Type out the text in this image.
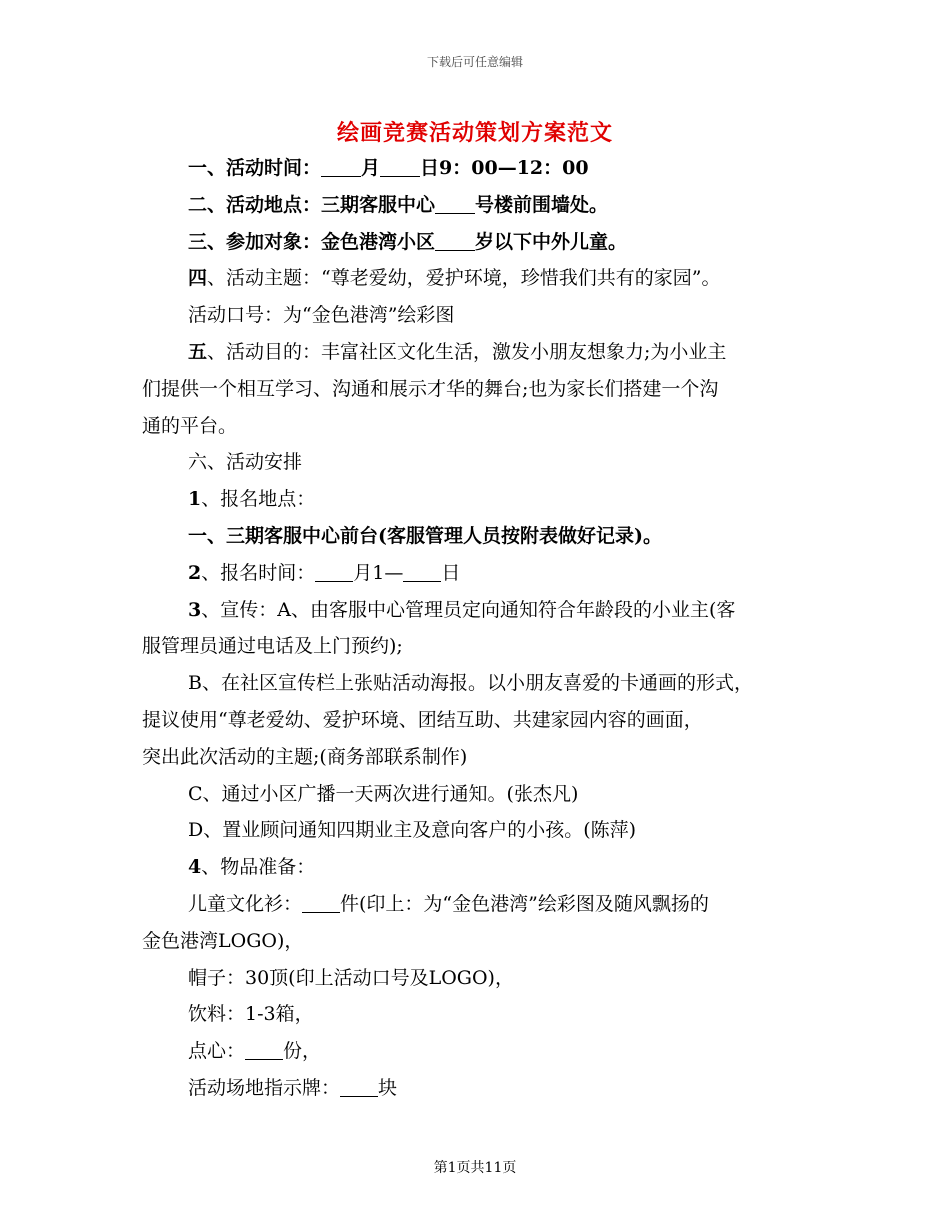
下载后可任意编辑
绘画竞赛活动策划方案范文
一、活动时间： 月 日9：00—12：00
二、活动地点：三期客服中心 号楼前围墙处。
三、参加对象：金色港湾小区 岁以下中外儿童。
四、活动主题：“尊老爱幼，爱护环境，珍惜我们共有的家园”。
活动口号：为“金色港湾”绘彩图
五、活动目的：丰富社区文化生活，激发小朋友想象力;为小业主
们提供一个相互学习、沟通和展示才华的舞台;也为家长们搭建一个沟
通的平台。
六、活动安排
1、报名地点：
一、三期客服中心前台(客服管理人员按附表做好记录)。
2、报名时间： 月1— 日
3、宣传：A、由客服中心管理员定向通知符合年龄段的小业主(客
服管理员通过电话及上门预约);
B、在社区宣传栏上张贴活动海报。以小朋友喜爱的卡通画的形式，
提议使用“尊老爱幼、爱护环境、团结互助、共建家园内容的画面，
突出此次活动的主题;(商务部联系制作)
C、通过小区广播一天两次进行通知。(张杰凡)
D、置业顾问通知四期业主及意向客户的小孩。(陈萍)
4、物品准备：
儿童文化衫： 件(印上：为“金色港湾”绘彩图及随风飘扬的
金色港湾LOGO)，
帽子：30顶(印上活动口号及LOGO)，
饮料：1-3箱，
点心： 份，
活动场地指示牌： 块
第1页共11页
